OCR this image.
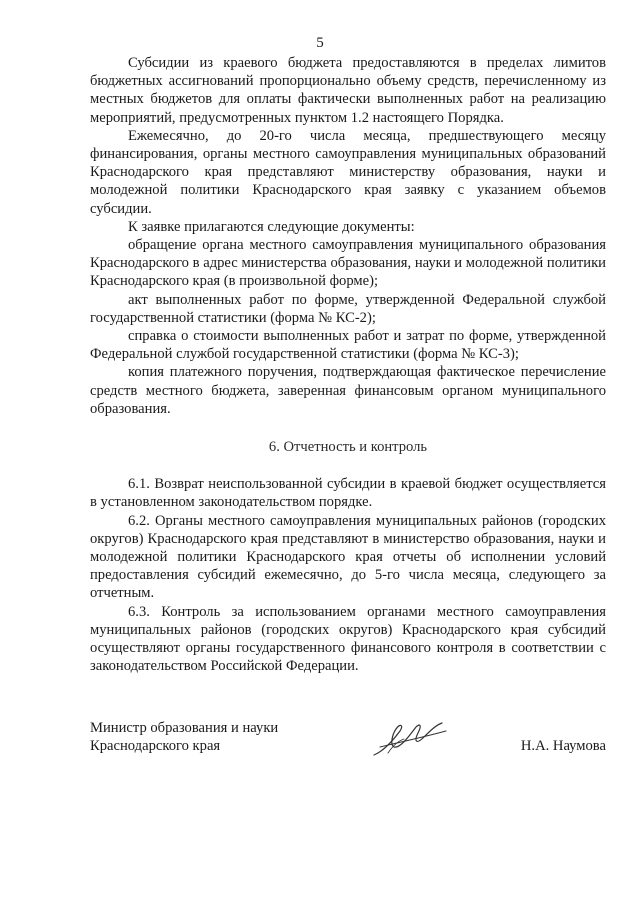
5

Субсидии из краевого бюджета предоставляются в пределах лимитов бюджетных ассигнований пропорционально объему средств, перечисленному из местных бюджетов для оплаты фактически выполненных работ на реализацию мероприятий, предусмотренных пунктом 1.2 настоящего Порядка.

Ежемесячно, до 20-го числа месяца, предшествующего месяцу финансирования, органы местного самоуправления муниципальных образований Краснодарского края представляют министерству образования, науки и молодежной политики Краснодарского края заявку с указанием объемов субсидии.

К заявке прилагаются следующие документы:

обращение органа местного самоуправления муниципального образования Краснодарского в адрес министерства образования, науки и молодежной политики Краснодарского края (в произвольной форме);

акт выполненных работ по форме, утвержденной Федеральной службой государственной статистики (форма № КС-2);

справка о стоимости выполненных работ и затрат по форме, утвержденной Федеральной службой государственной статистики (форма № КС-3);

копия платежного поручения, подтверждающая фактическое перечисление средств местного бюджета, заверенная финансовым органом муниципального образования.

6. Отчетность и контроль

6.1. Возврат неиспользованной субсидии в краевой бюджет осуществляется в установленном законодательством порядке.

6.2. Органы местного самоуправления муниципальных районов (городских округов) Краснодарского края представляют в министерство образования, науки и молодежной политики Краснодарского края отчеты об исполнении условий предоставления субсидий ежемесячно, до 5-го числа месяца, следующего за отчетным.

6.3. Контроль за использованием органами местного самоуправления муниципальных районов (городских округов) Краснодарского края субсидий осуществляют органы государственного финансового контроля в соответствии с законодательством Российской Федерации.

Министр образования и науки
Краснодарского края	Н.А. Наумова
